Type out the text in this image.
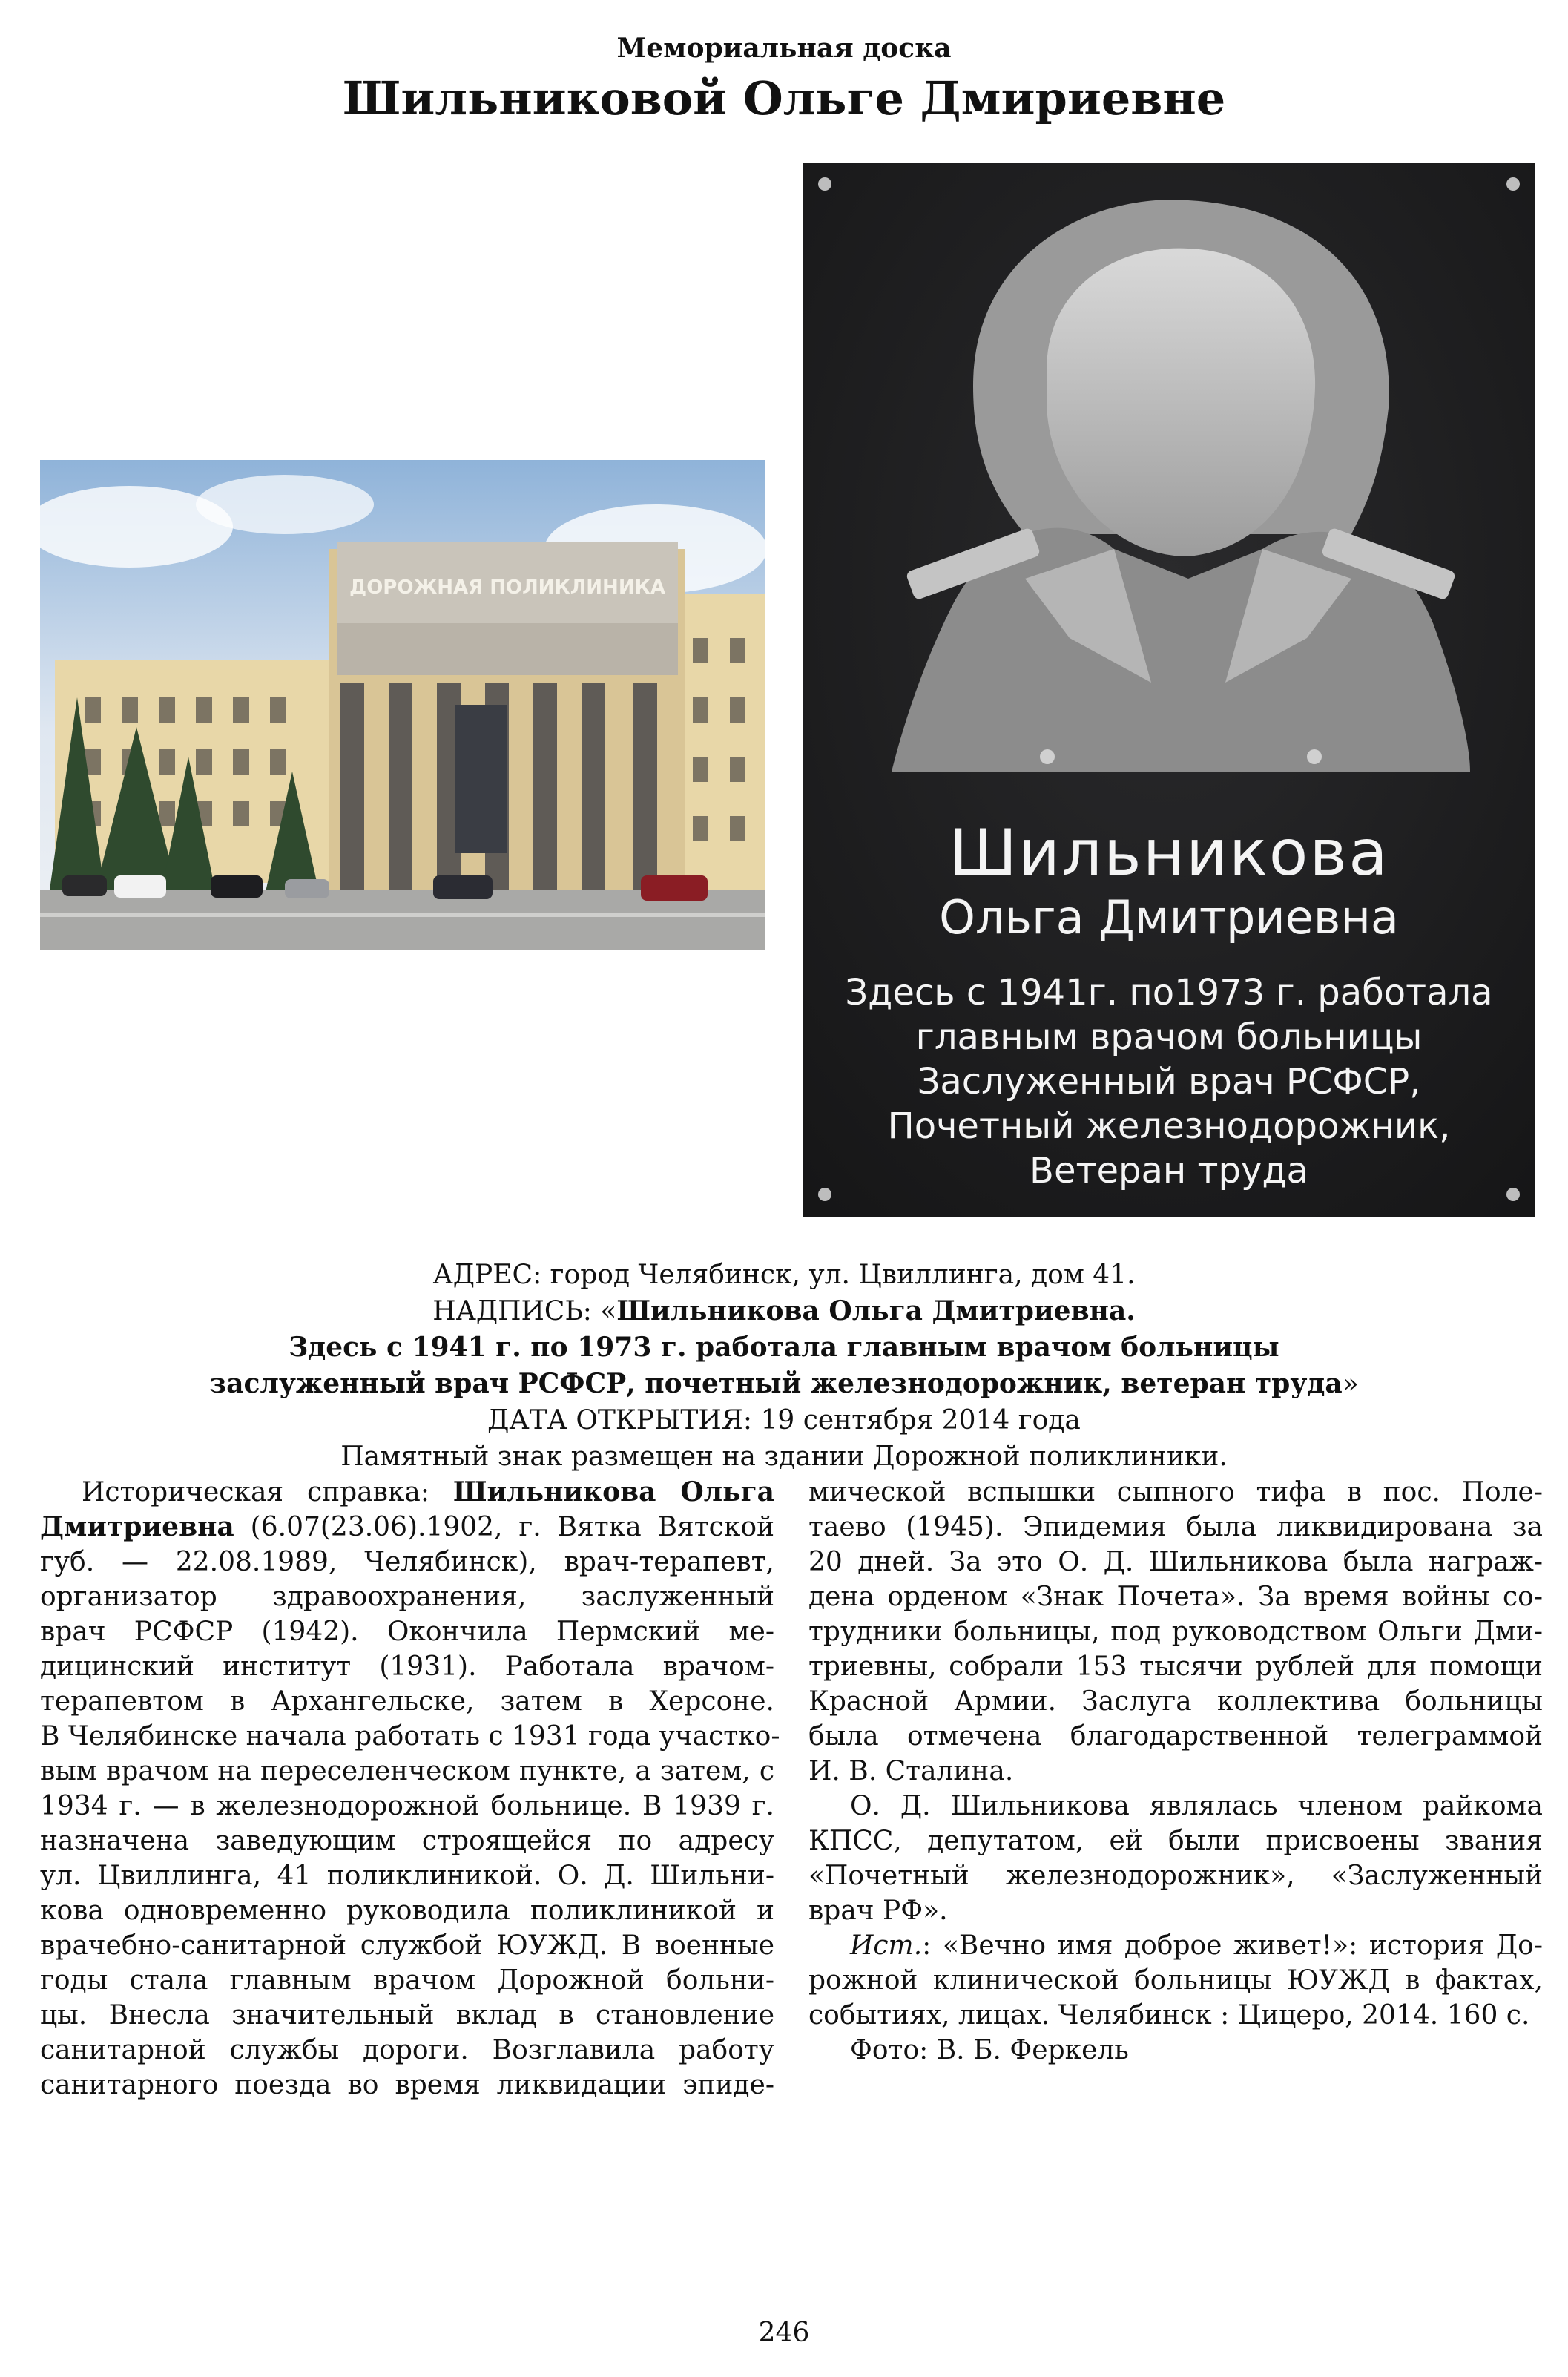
Мемориальная доска
Шильниковой Ольге Дмириевне
ДОРОЖНАЯ ПОЛИКЛИНИКА
Шильникова
Ольга Дмитриевна
Здесь с 1941г. по1973 г. работала
главным врачом больницы
Заслуженный врач РСФСР,
Почетный железнодорожник,
Ветеран труда
АДРЕС: город Челябинск, ул. Цвиллинга, дом 41.
НАДПИСЬ: «Шильникова Ольга Дмитриевна.
Здесь с 1941 г. по 1973 г. работала главным врачом больницы
заслуженный врач РСФСР, почетный железнодорожник, ветеран труда»
ДАТА ОТКРЫТИЯ: 19 сентября 2014 года
Памятный знак размещен на здании Дорожной поликлиники.
Историческая справка: Шильникова Ольга
Дмитриевна (6.07(23.06).1902, г. Вятка Вятской
губ. — 22.08.1989, Челябинск), врач-терапевт,
организатор здравоохранения, заслуженный
врач РСФСР (1942). Окончила Пермский ме-
дицинский институт (1931). Работала врачом-
терапевтом в Архангельске, затем в Херсоне.
В Челябинске начала работать с 1931 года участко-
вым врачом на переселенческом пункте, а затем, с
1934 г. — в железнодорожной больнице. В 1939 г.
назначена заведующим строящейся по адресу
ул. Цвиллинга, 41 поликлиникой. О. Д. Шильни-
кова одновременно руководила поликлиникой и
врачебно-санитарной службой ЮУЖД. В военные
годы стала главным врачом Дорожной больни-
цы. Внесла значительный вклад в становление
санитарной службы дороги. Возглавила работу
санитарного поезда во время ликвидации эпиде-
мической вспышки сыпного тифа в пос. Поле-
таево (1945). Эпидемия была ликвидирована за
20 дней. За это О. Д. Шильникова была награж-
дена орденом «Знак Почета». За время войны со-
трудники больницы, под руководством Ольги Дми-
триевны, собрали 153 тысячи рублей для помощи
Красной Армии. Заслуга коллектива больницы
была отмечена благодарственной телеграммой
И. В. Сталина.
О. Д. Шильникова являлась членом райкома
КПСС, депутатом, ей были присвоены звания
«Почетный железнодорожник», «Заслуженный
врач РФ».
Ист.: «Вечно имя доброе живет!»: история До-
рожной клинической больницы ЮУЖД в фактах,
событиях, лицах. Челябинск : Цицеро, 2014. 160 с.
Фото: В. Б. Феркель
246
